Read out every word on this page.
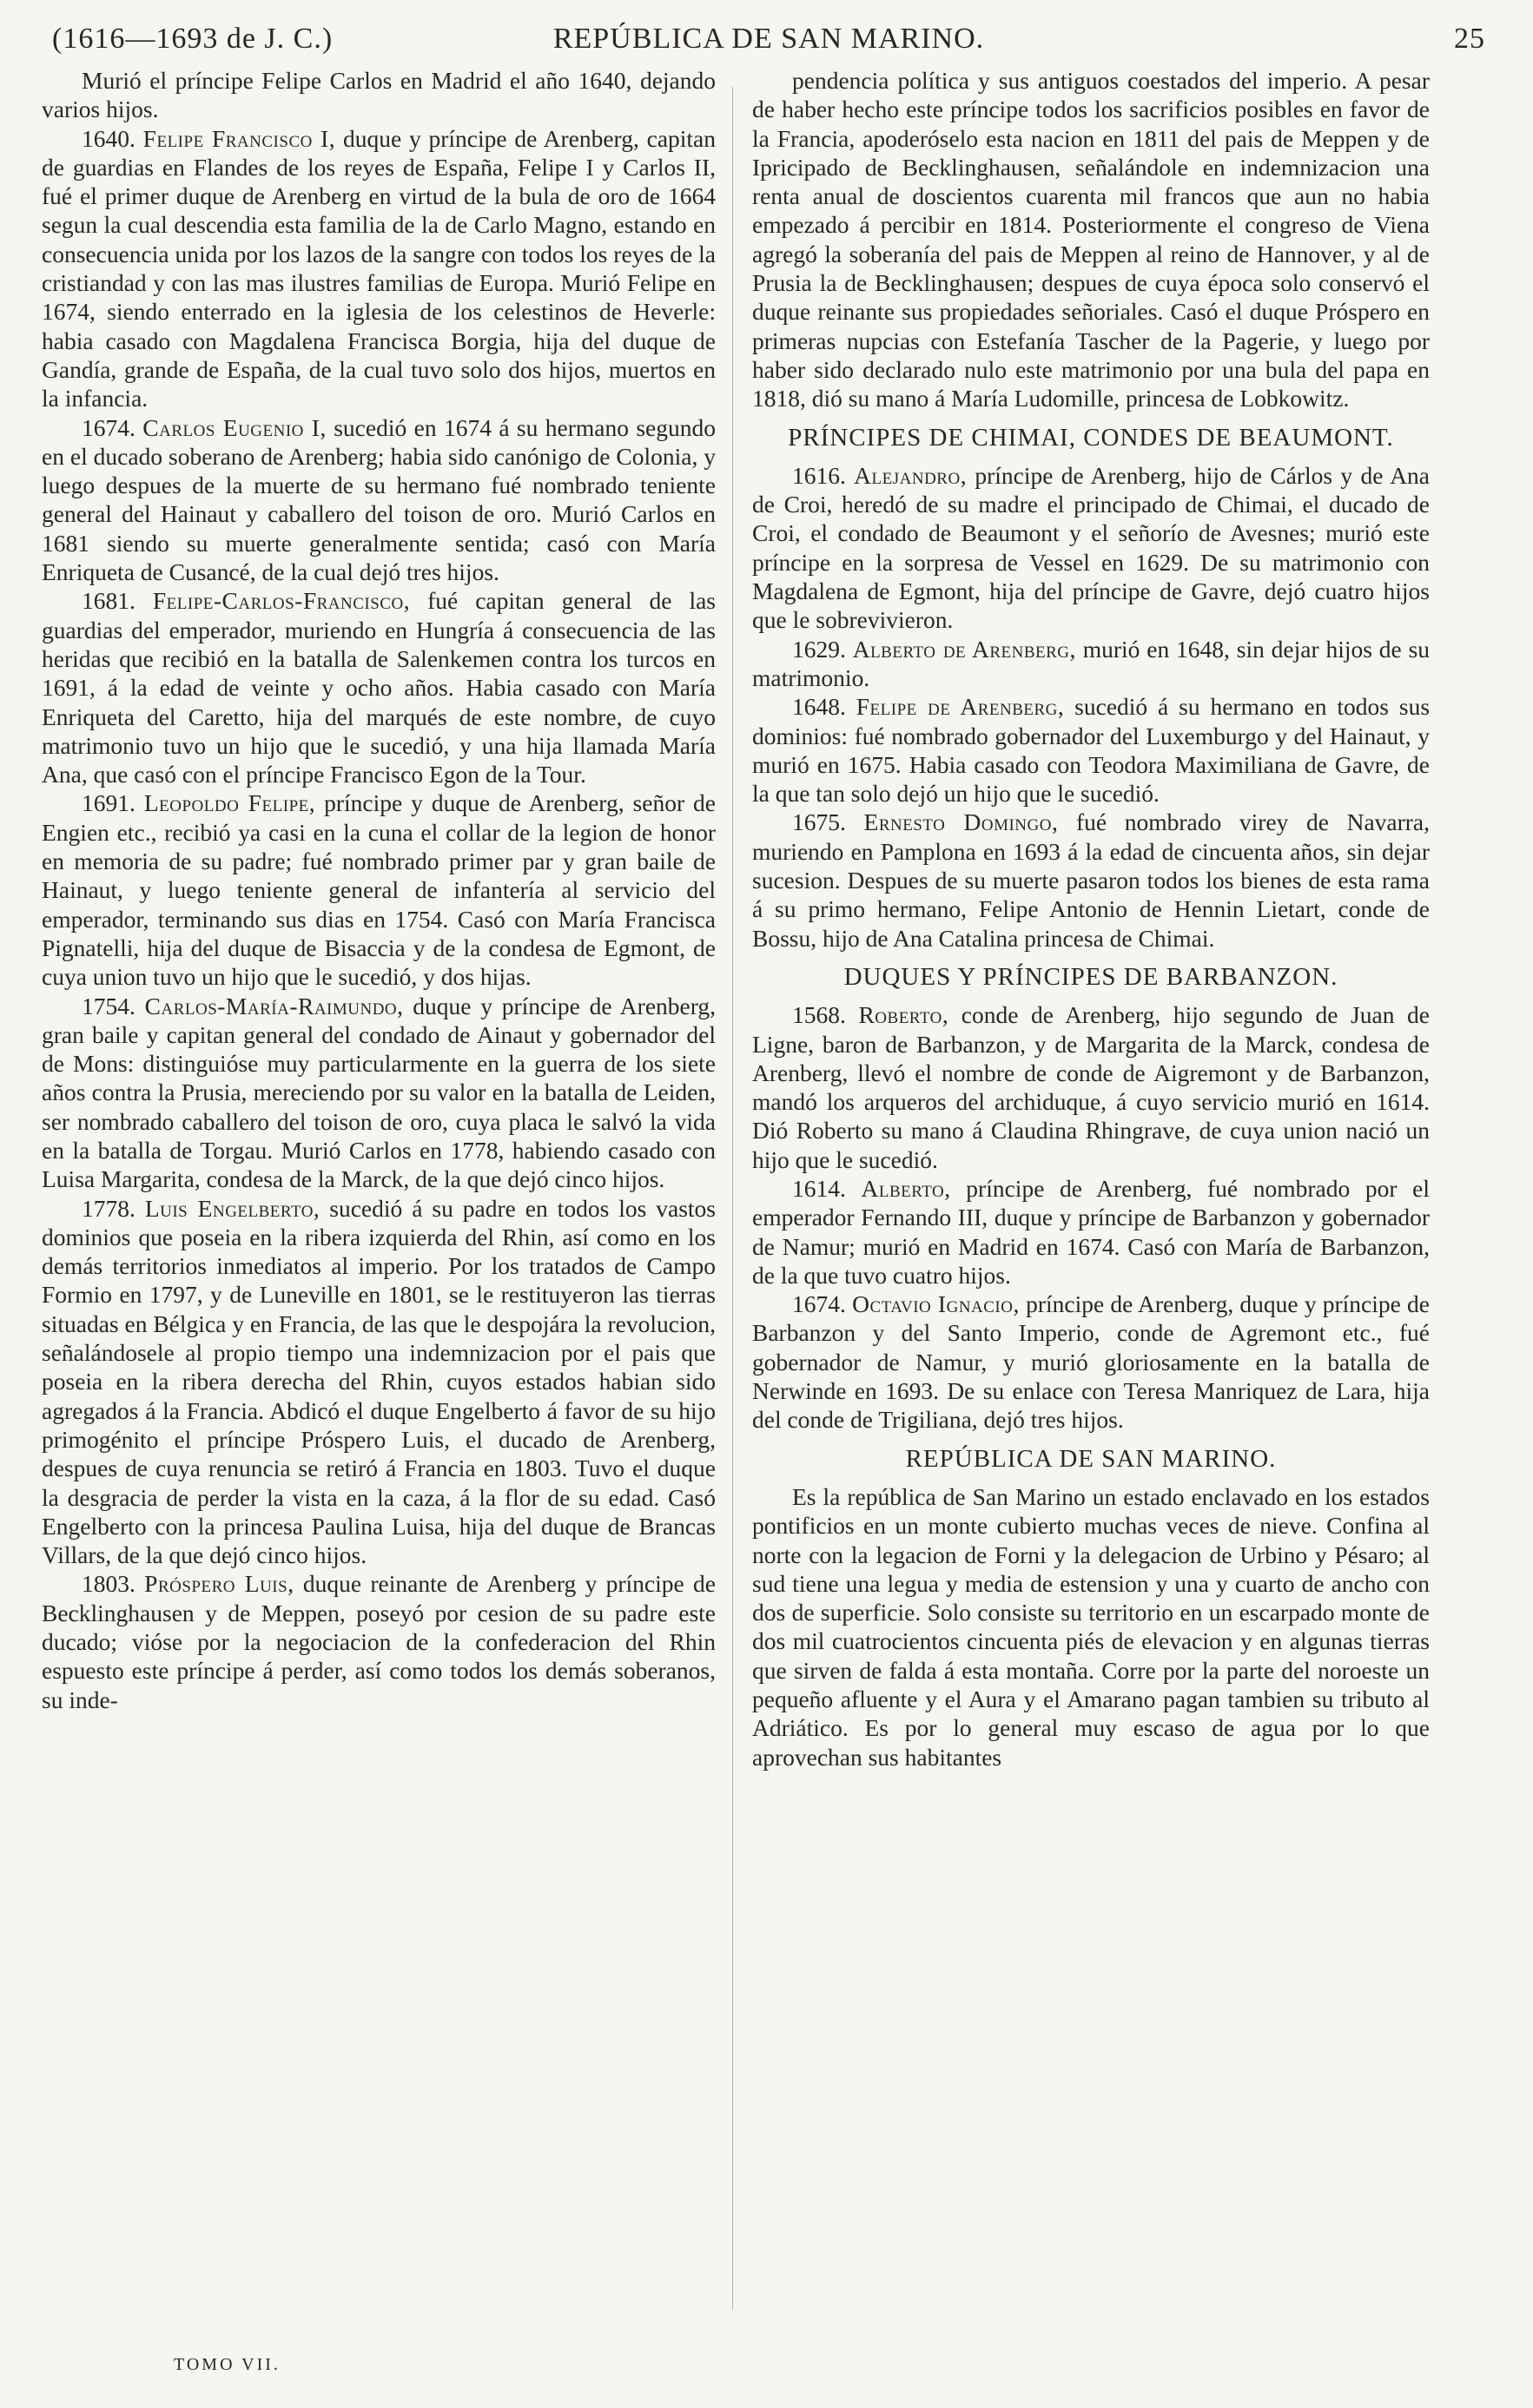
(1616—1693 de J. C.)	REPÚBLICA DE SAN MARINO.	25

Murió el príncipe Felipe Carlos en Madrid el año 1640, dejando varios hijos.

1640. Felipe Francisco I, duque y príncipe de Arenberg, capitan de guardias en Flandes de los reyes de España, Felipe I y Carlos II, fué el primer duque de Arenberg en virtud de la bula de oro de 1664 segun la cual descendia esta familia de la de Carlo Magno, estando en consecuencia unida por los lazos de la sangre con todos los reyes de la cristiandad y con las mas ilustres familias de Europa. Murió Felipe en 1674, siendo enterrado en la iglesia de los celestinos de Heverle: habia casado con Magdalena Francisca Borgia, hija del duque de Gandía, grande de España, de la cual tuvo solo dos hijos, muertos en la infancia.

1674. Carlos Eugenio I, sucedió en 1674 á su hermano segundo en el ducado soberano de Arenberg; habia sido canónigo de Colonia, y luego despues de la muerte de su hermano fué nombrado teniente general del Hainaut y caballero del toison de oro. Murió Carlos en 1681 siendo su muerte generalmente sentida; casó con María Enriqueta de Cusancé, de la cual dejó tres hijos.

1681. Felipe-Carlos-Francisco, fué capitan general de las guardias del emperador, muriendo en Hungría á consecuencia de las heridas que recibió en la batalla de Salenkemen contra los turcos en 1691, á la edad de veinte y ocho años. Habia casado con María Enriqueta del Caretto, hija del marqués de este nombre, de cuyo matrimonio tuvo un hijo que le sucedió, y una hija llamada María Ana, que casó con el príncipe Francisco Egon de la Tour.

1691. Leopoldo Felipe, príncipe y duque de Arenberg, señor de Engien etc., recibió ya casi en la cuna el collar de la legion de honor en memoria de su padre; fué nombrado primer par y gran baile de Hainaut, y luego teniente general de infantería al servicio del emperador, terminando sus dias en 1754. Casó con María Francisca Pignatelli, hija del duque de Bisaccia y de la condesa de Egmont, de cuya union tuvo un hijo que le sucedió, y dos hijas.

1754. Carlos-María-Raimundo, duque y príncipe de Arenberg, gran baile y capitan general del condado de Ainaut y gobernador del de Mons: distinguióse muy particularmente en la guerra de los siete años contra la Prusia, mereciendo por su valor en la batalla de Leiden, ser nombrado caballero del toison de oro, cuya placa le salvó la vida en la batalla de Torgau. Murió Carlos en 1778, habiendo casado con Luisa Margarita, condesa de la Marck, de la que dejó cinco hijos.

1778. Luis Engelberto, sucedió á su padre en todos los vastos dominios que poseia en la ribera izquierda del Rhin, así como en los demás territorios inmediatos al imperio. Por los tratados de Campo Formio en 1797, y de Luneville en 1801, se le restituyeron las tierras situadas en Bélgica y en Francia, de las que le despojára la revolucion, señalándosele al propio tiempo una indemnizacion por el pais que poseia en la ribera derecha del Rhin, cuyos estados habian sido agregados á la Francia. Abdicó el duque Engelberto á favor de su hijo primogénito el príncipe Próspero Luis, el ducado de Arenberg, despues de cuya renuncia se retiró á Francia en 1803. Tuvo el duque la desgracia de perder la vista en la caza, á la flor de su edad. Casó Engelberto con la princesa Paulina Luisa, hija del duque de Brancas Villars, de la que dejó cinco hijos.

1803. Próspero Luis, duque reinante de Arenberg y príncipe de Becklinghausen y de Meppen, poseyó por cesion de su padre este ducado; vióse por la negociacion de la confederacion del Rhin espuesto este príncipe á perder, así como todos los demás soberanos, su inde-

pendencia política y sus antiguos coestados del imperio. A pesar de haber hecho este príncipe todos los sacrificios posibles en favor de la Francia, apoderóselo esta nacion en 1811 del pais de Meppen y de Ipricipado de Becklinghausen, señalándole en indemnizacion una renta anual de doscientos cuarenta mil francos que aun no habia empezado á percibir en 1814. Posteriormente el congreso de Viena agregó la soberanía del pais de Meppen al reino de Hannover, y al de Prusia la de Becklinghausen; despues de cuya época solo conservó el duque reinante sus propiedades señoriales. Casó el duque Próspero en primeras nupcias con Estefanía Tascher de la Pagerie, y luego por haber sido declarado nulo este matrimonio por una bula del papa en 1818, dió su mano á María Ludomille, princesa de Lobkowitz.

PRÍNCIPES DE CHIMAI, CONDES DE BEAUMONT.

1616. Alejandro, príncipe de Arenberg, hijo de Cárlos y de Ana de Croi, heredó de su madre el principado de Chimai, el ducado de Croi, el condado de Beaumont y el señorío de Avesnes; murió este príncipe en la sorpresa de Vessel en 1629. De su matrimonio con Magdalena de Egmont, hija del príncipe de Gavre, dejó cuatro hijos que le sobrevivieron.

1629. Alberto de Arenberg, murió en 1648, sin dejar hijos de su matrimonio.

1648. Felipe de Arenberg, sucedió á su hermano en todos sus dominios: fué nombrado gobernador del Luxemburgo y del Hainaut, y murió en 1675. Habia casado con Teodora Maximiliana de Gavre, de la que tan solo dejó un hijo que le sucedió.

1675. Ernesto Domingo, fué nombrado virey de Navarra, muriendo en Pamplona en 1693 á la edad de cincuenta años, sin dejar sucesion. Despues de su muerte pasaron todos los bienes de esta rama á su primo hermano, Felipe Antonio de Hennin Lietart, conde de Bossu, hijo de Ana Catalina princesa de Chimai.

DUQUES Y PRÍNCIPES DE BARBANZON.

1568. Roberto, conde de Arenberg, hijo segundo de Juan de Ligne, baron de Barbanzon, y de Margarita de la Marck, condesa de Arenberg, llevó el nombre de conde de Aigremont y de Barbanzon, mandó los arqueros del archiduque, á cuyo servicio murió en 1614. Dió Roberto su mano á Claudina Rhingrave, de cuya union nació un hijo que le sucedió.

1614. Alberto, príncipe de Arenberg, fué nombrado por el emperador Fernando III, duque y príncipe de Barbanzon y gobernador de Namur; murió en Madrid en 1674. Casó con María de Barbanzon, de la que tuvo cuatro hijos.

1674. Octavio Ignacio, príncipe de Arenberg, duque y príncipe de Barbanzon y del Santo Imperio, conde de Agremont etc., fué gobernador de Namur, y murió gloriosamente en la batalla de Nerwinde en 1693. De su enlace con Teresa Manriquez de Lara, hija del conde de Trigiliana, dejó tres hijos.

REPÚBLICA DE SAN MARINO.

Es la república de San Marino un estado enclavado en los estados pontificios en un monte cubierto muchas veces de nieve. Confina al norte con la legacion de Forni y la delegacion de Urbino y Pésaro; al sud tiene una legua y media de estension y una y cuarto de ancho con dos de superficie. Solo consiste su territorio en un escarpado monte de dos mil cuatrocientos cincuenta piés de elevacion y en algunas tierras que sirven de falda á esta montaña. Corre por la parte del noroeste un pequeño afluente y el Aura y el Amarano pagan tambien su tributo al Adriático. Es por lo general muy escaso de agua por lo que aprovechan sus habitantes

TOMO VII.
